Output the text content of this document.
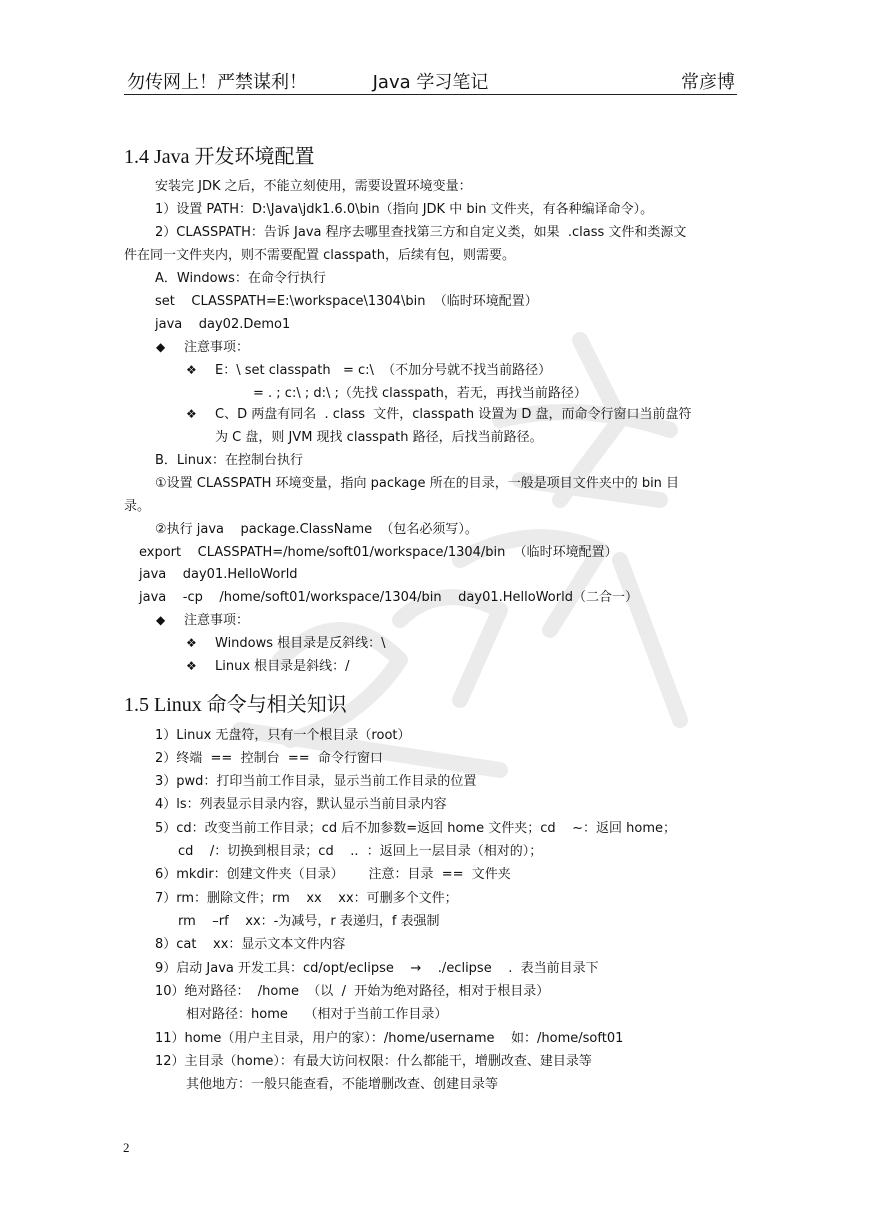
勿传网上！严禁谋利！	Java 学习笔记	常彦博
1.4 Java 开发环境配置
安装完 JDK 之后，不能立刻使用，需要设置环境变量：
1）设置 PATH：D:\Java\jdk1.6.0\bin（指向 JDK 中 bin 文件夹，有各种编译命令）。
2）CLASSPATH：告诉 Java 程序去哪里查找第三方和自定义类，如果  .class 文件和类源文
件在同一文件夹内，则不需要配置 classpath，后续有包，则需要。
A．Windows：在命令行执行
set    CLASSPATH=E:\workspace\1304\bin  （临时环境配置）
java    day02.Demo1
◆ 注意事项：
❖ E：\ set classpath   = c:\  （不加分号就不找当前路径）
= . ; c:\ ; d:\ ;（先找 classpath，若无，再找当前路径）
❖ C、D 两盘有同名  . class  文件，classpath 设置为 D 盘，而命令行窗口当前盘符
为 C 盘，则 JVM 现找 classpath 路径，后找当前路径。
B．Linux：在控制台执行
①设置 CLASSPATH 环境变量，指向 package 所在的目录，一般是项目文件夹中的 bin 目
录。
②执行 java    package.ClassName  （包名必须写）。
export    CLASSPATH=/home/soft01/workspace/1304/bin  （临时环境配置）
java    day01.HelloWorld
java    -cp    /home/soft01/workspace/1304/bin    day01.HelloWorld（二合一）
◆ 注意事项：
❖ Windows 根目录是反斜线：\
❖ Linux 根目录是斜线：/
1.5 Linux 命令与相关知识
1）Linux 无盘符，只有一个根目录（root）
2）终端  ==  控制台  ==  命令行窗口
3）pwd：打印当前工作目录，显示当前工作目录的位置
4）ls：列表显示目录内容，默认显示当前目录内容
5）cd：改变当前工作目录；cd 后不加参数=返回 home 文件夹；cd    ~：返回 home；
cd    /：切换到根目录；cd    ..  ：返回上一层目录（相对的）；
6）mkdir：创建文件夹（目录）      注意：目录  ==  文件夹
7）rm：删除文件；rm    xx    xx：可删多个文件；
rm    –rf    xx：-为减号，r 表递归，f 表强制
8）cat    xx：显示文本文件内容
9）启动 Java 开发工具：cd/opt/eclipse    →    ./eclipse    .  表当前目录下
10）绝对路径：  /home  （以  /  开始为绝对路径，相对于根目录）
相对路径：home    （相对于当前工作目录）
11）home（用户主目录，用户的家）：/home/username    如：/home/soft01
12）主目录（home）：有最大访问权限：什么都能干，增删改查、建目录等
其他地方：一般只能查看，不能增删改查、创建目录等
2
